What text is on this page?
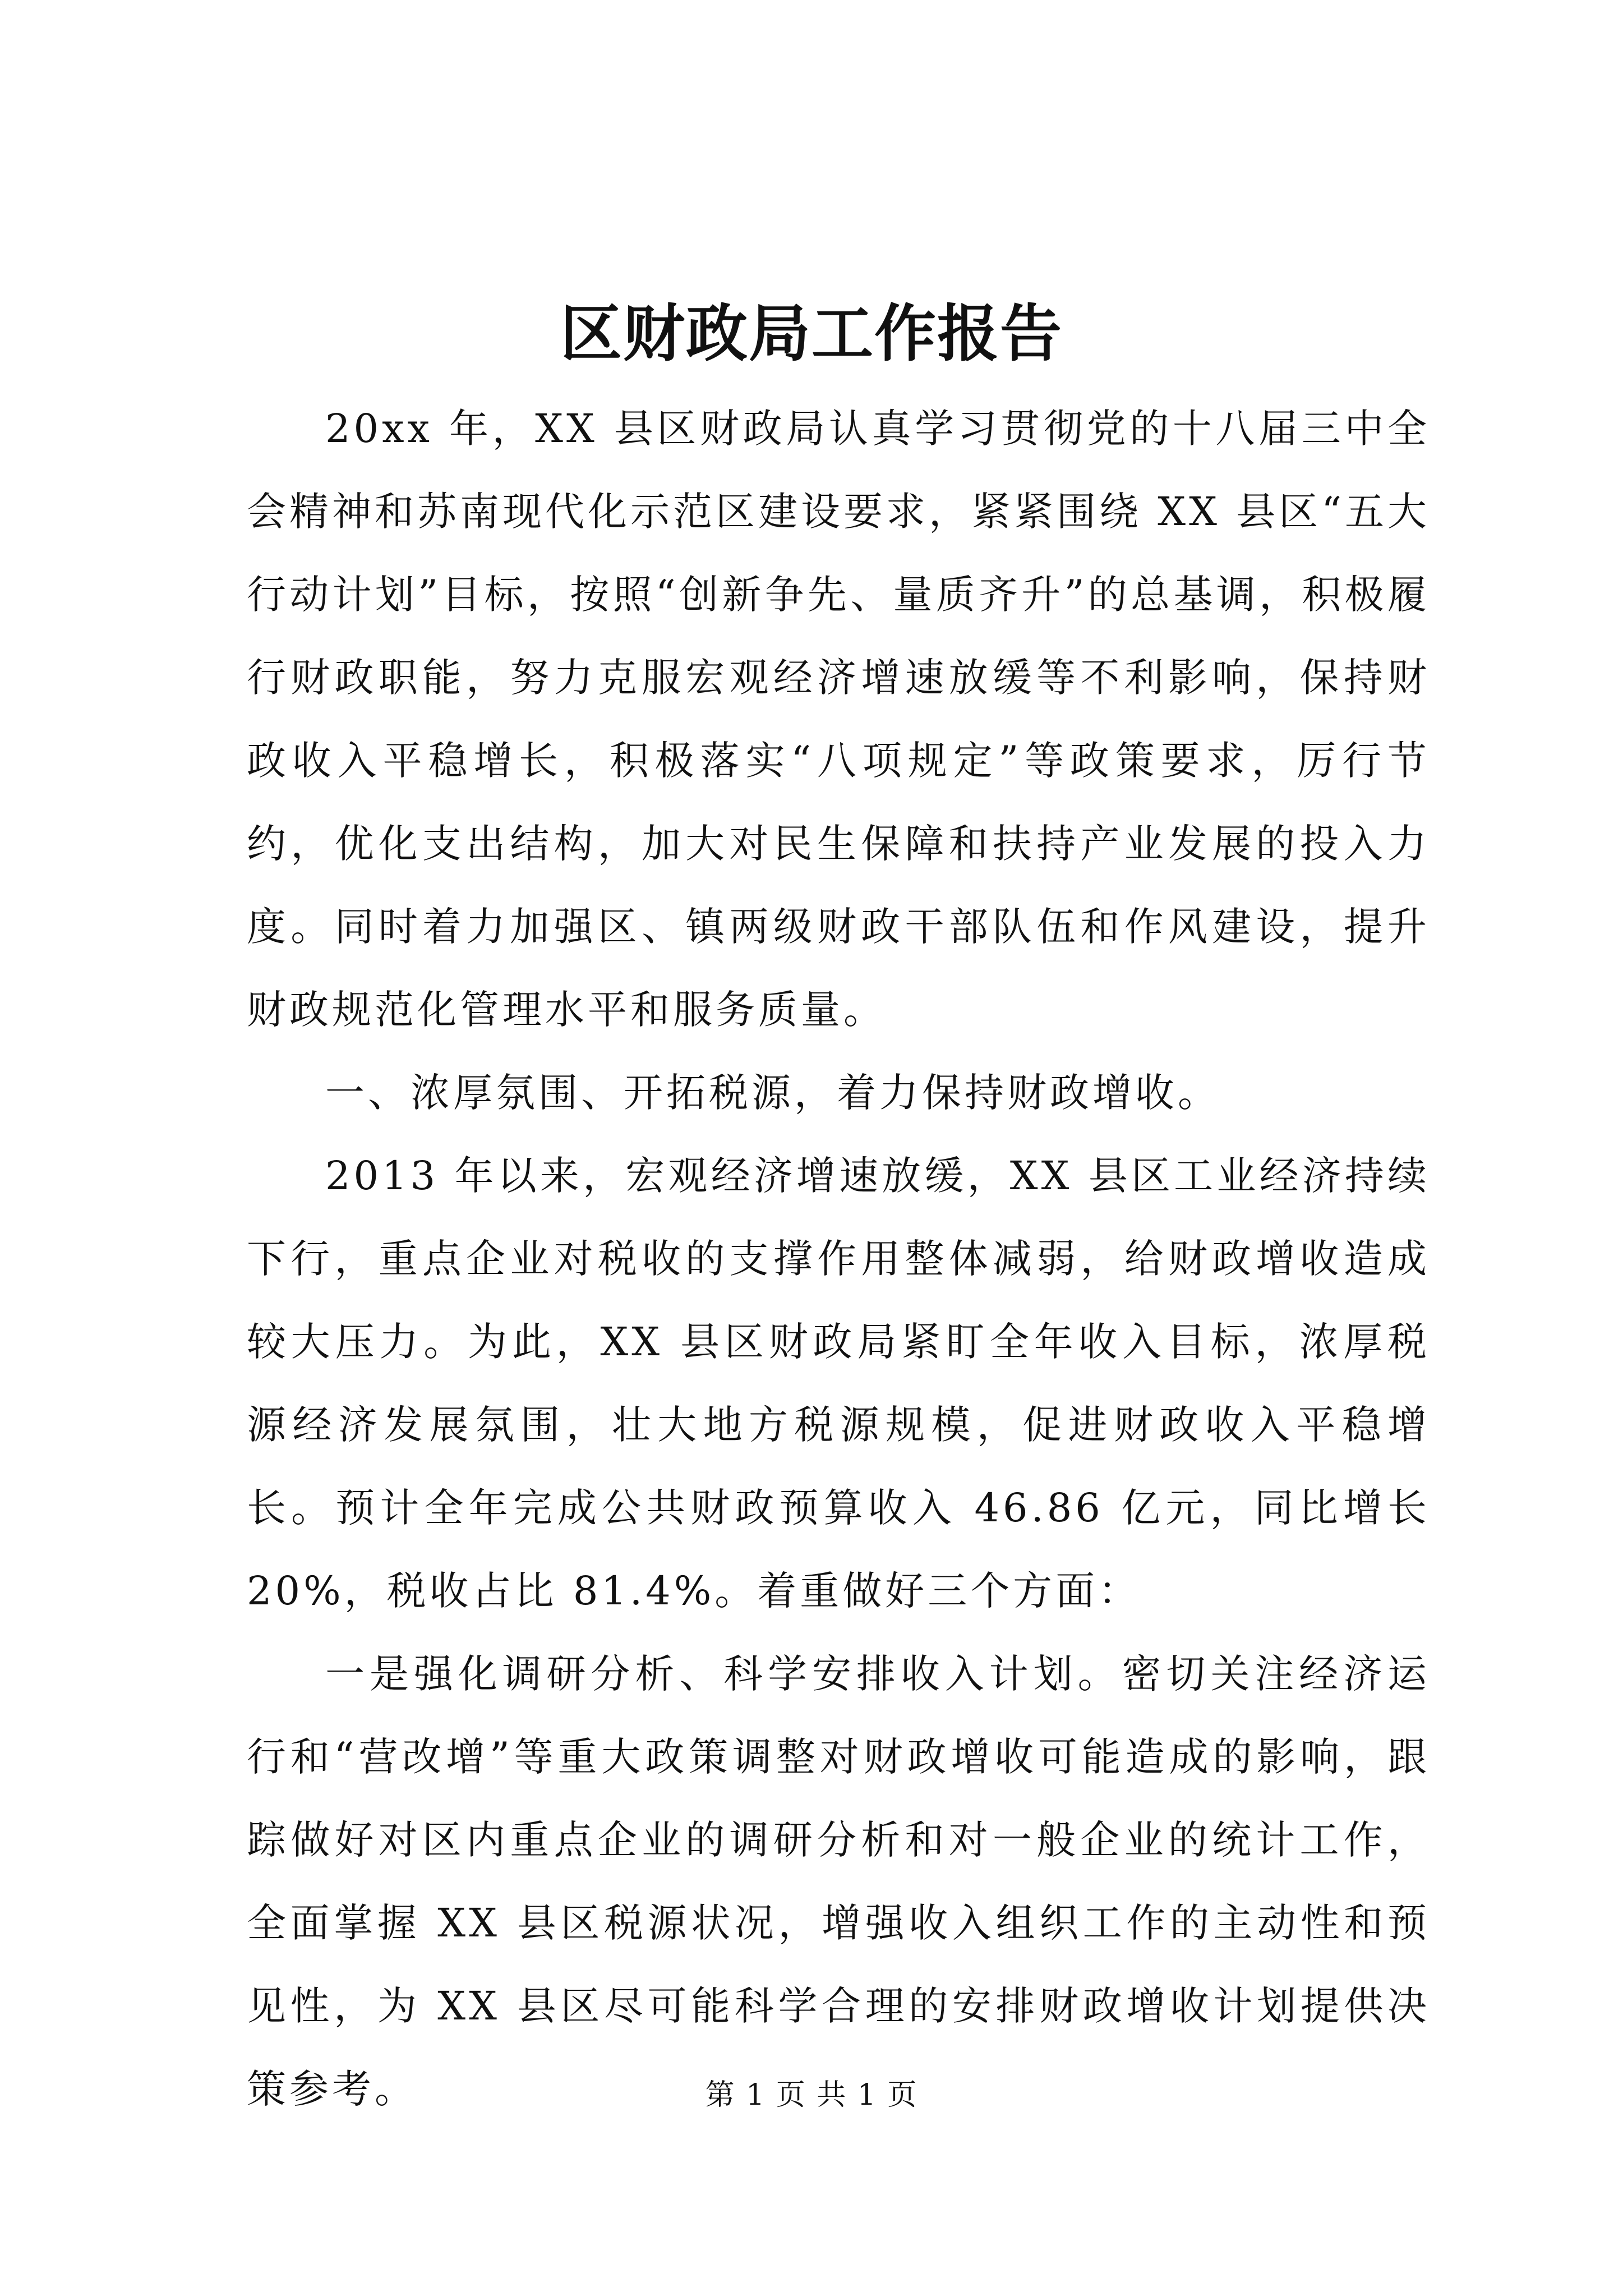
区财政局工作报告

20xx 年，XX 县区财政局认真学习贯彻党的十八届三中全会精神和苏南现代化示范区建设要求，紧紧围绕 XX 县区“五大行动计划”目标，按照“创新争先、量质齐升”的总基调，积极履行财政职能，努力克服宏观经济增速放缓等不利影响，保持财政收入平稳增长，积极落实“八项规定”等政策要求，厉行节约，优化支出结构，加大对民生保障和扶持产业发展的投入力度。同时着力加强区、镇两级财政干部队伍和作风建设，提升财政规范化管理水平和服务质量。

一、浓厚氛围、开拓税源，着力保持财政增收。

2013 年以来，宏观经济增速放缓，XX 县区工业经济持续下行，重点企业对税收的支撑作用整体减弱，给财政增收造成较大压力。为此，XX 县区财政局紧盯全年收入目标，浓厚税源经济发展氛围，壮大地方税源规模，促进财政收入平稳增长。预计全年完成公共财政预算收入 46.86 亿元，同比增长 20%，税收占比 81.4%。着重做好三个方面：

一是强化调研分析、科学安排收入计划。密切关注经济运行和“营改增”等重大政策调整对财政增收可能造成的影响，跟踪做好对区内重点企业的调研分析和对一般企业的统计工作，全面掌握 XX 县区税源状况，增强收入组织工作的主动性和预见性，为 XX 县区尽可能科学合理的安排财政增收计划提供决策参考。	第 1 页 共 1 页
